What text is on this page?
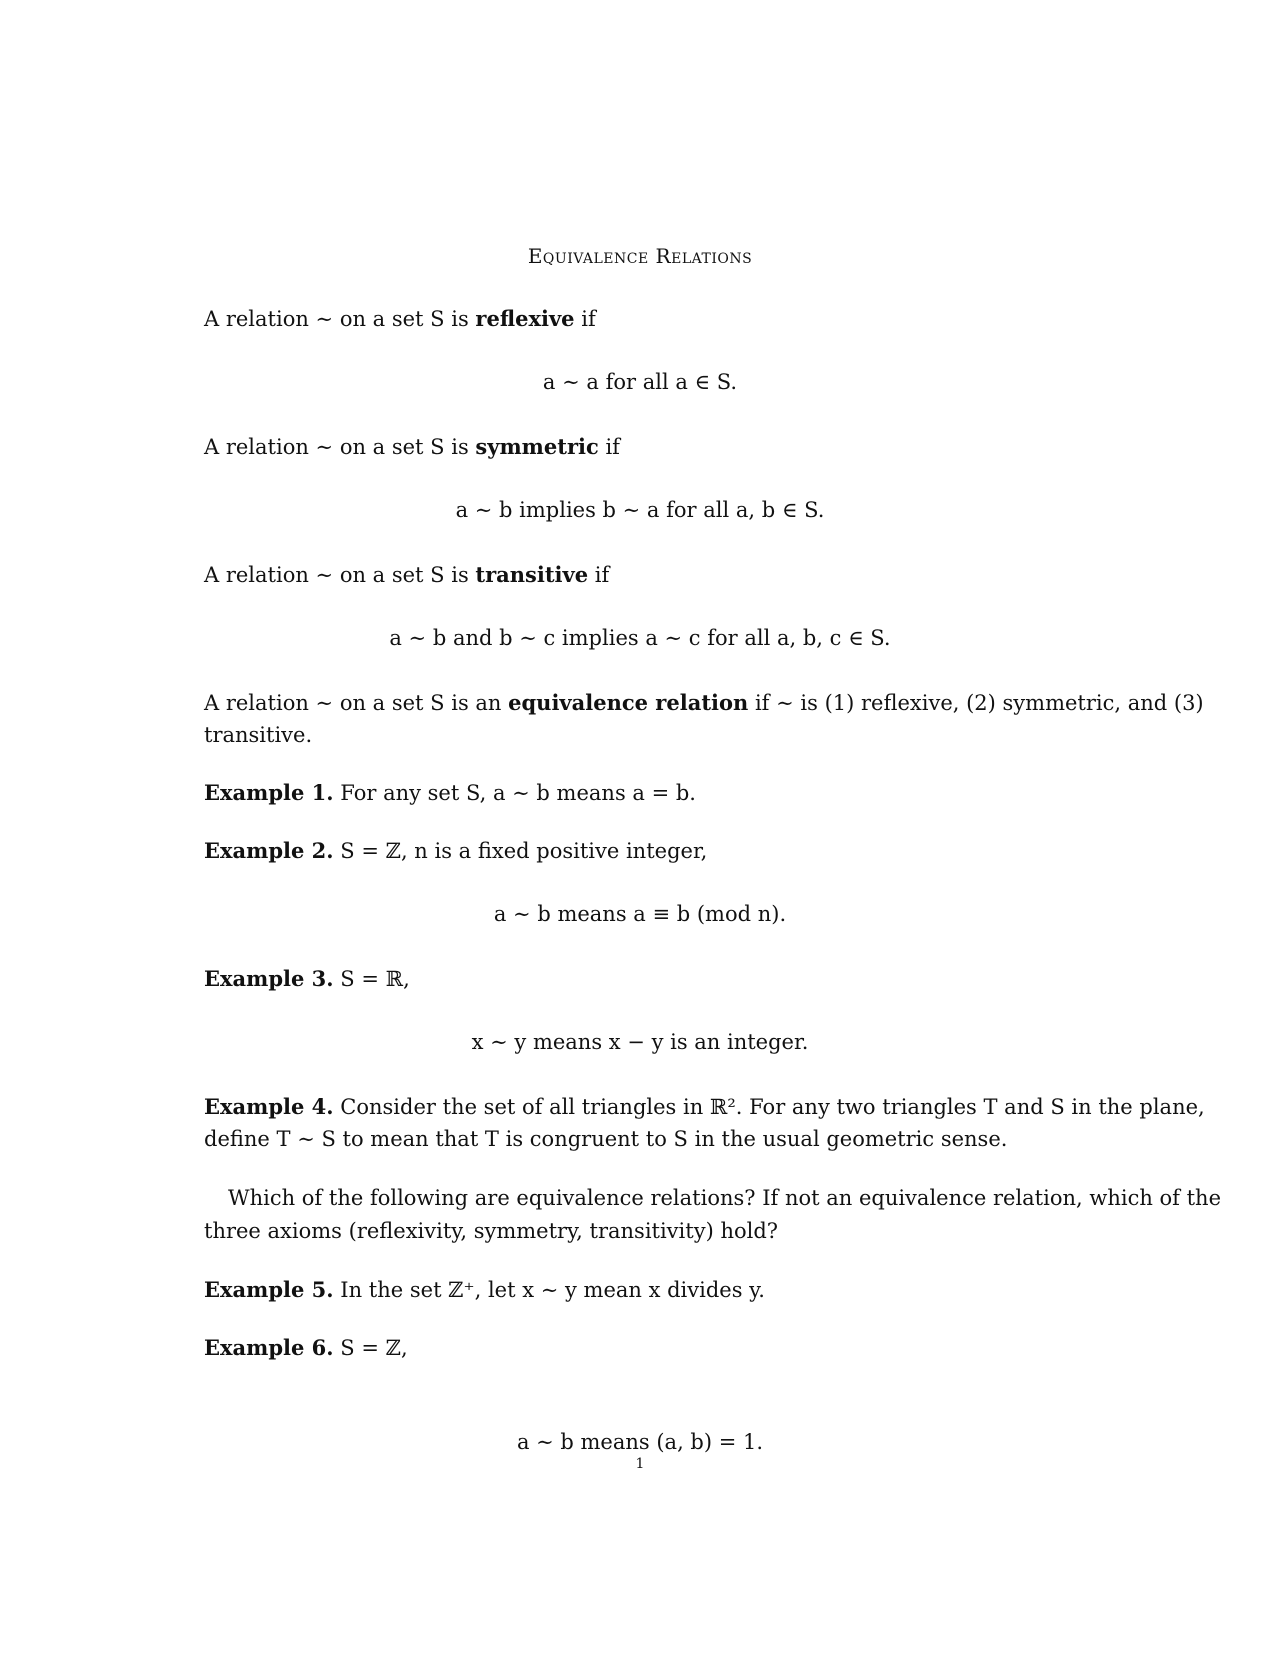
Equivalence Relations
A relation ∼ on a set S is reflexive if
a ∼ a for all a ∈ S.
A relation ∼ on a set S is symmetric if
a ∼ b implies b ∼ a for all a, b ∈ S.
A relation ∼ on a set S is transitive if
a ∼ b and b ∼ c implies a ∼ c for all a, b, c ∈ S.
A relation ∼ on a set S is an equivalence relation if ∼ is (1) reflexive, (2) symmetric, and (3)
transitive.
Example 1. For any set S, a ∼ b means a = b.
Example 2. S = ℤ, n is a fixed positive integer,
a ∼ b means a ≡ b (mod n).
Example 3. S = ℝ,
x ∼ y means x − y is an integer.
Example 4. Consider the set of all triangles in ℝ². For any two triangles T and S in the plane,
define T ∼ S to mean that T is congruent to S in the usual geometric sense.
Which of the following are equivalence relations? If not an equivalence relation, which of the
three axioms (reflexivity, symmetry, transitivity) hold?
Example 5. In the set ℤ⁺, let x ∼ y mean x divides y.
Example 6. S = ℤ,
a ∼ b means (a, b) = 1.
1
